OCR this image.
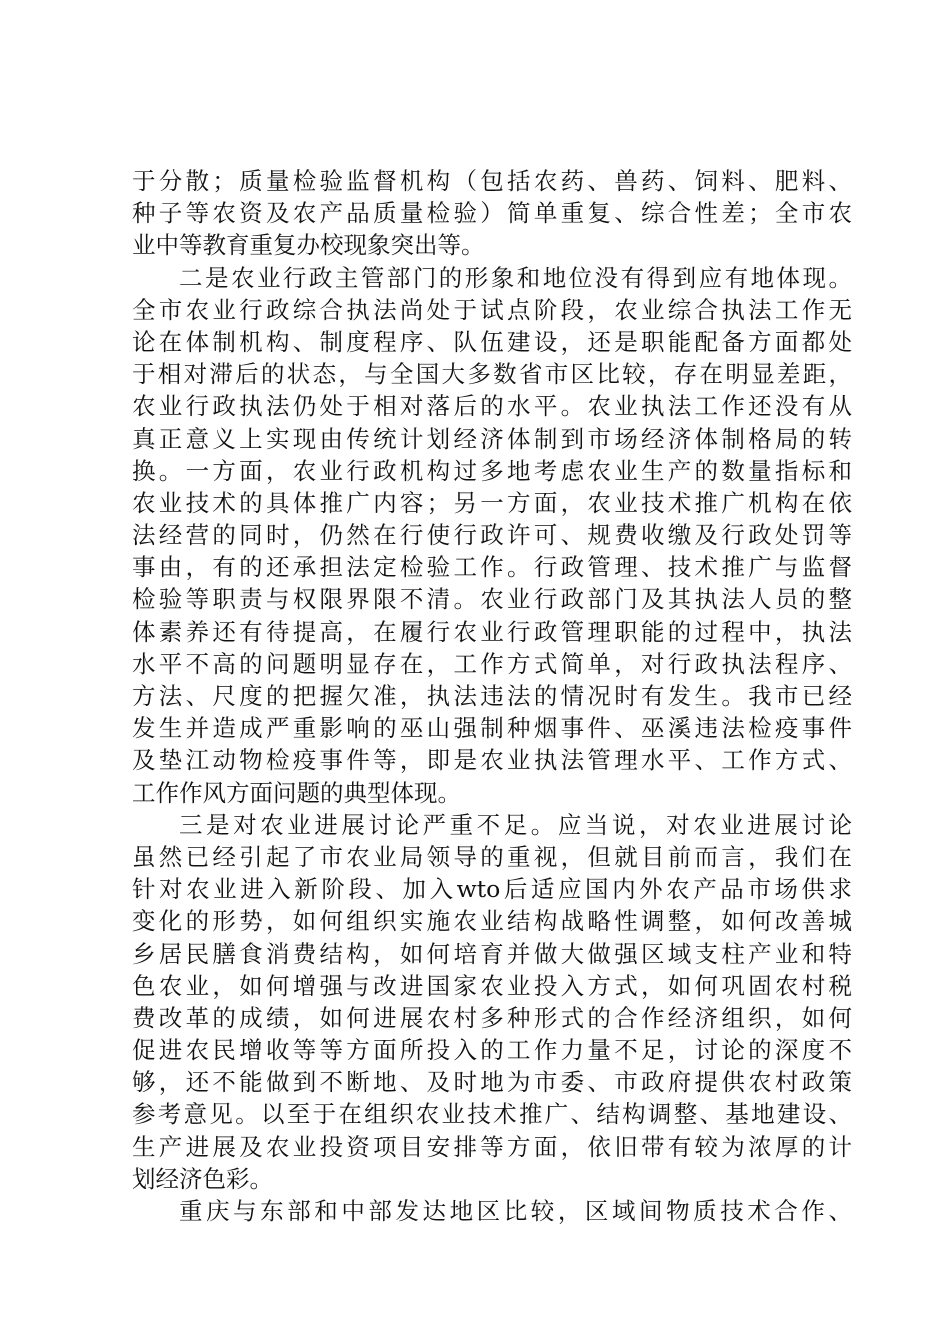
于分散；质量检验监督机构（包括农药、兽药、饲料、肥料、
种子等农资及农产品质量检验）简单重复、综合性差；全市农
业中等教育重复办校现象突出等。
二是农业行政主管部门的形象和地位没有得到应有地体现。
全市农业行政综合执法尚处于试点阶段，农业综合执法工作无
论在体制机构、制度程序、队伍建设，还是职能配备方面都处
于相对滞后的状态，与全国大多数省市区比较，存在明显差距，
农业行政执法仍处于相对落后的水平。农业执法工作还没有从
真正意义上实现由传统计划经济体制到市场经济体制格局的转
换。一方面，农业行政机构过多地考虑农业生产的数量指标和
农业技术的具体推广内容；另一方面，农业技术推广机构在依
法经营的同时，仍然在行使行政许可、规费收缴及行政处罚等
事由，有的还承担法定检验工作。行政管理、技术推广与监督
检验等职责与权限界限不清。农业行政部门及其执法人员的整
体素养还有待提高，在履行农业行政管理职能的过程中，执法
水平不高的问题明显存在，工作方式简单，对行政执法程序、
方法、尺度的把握欠准，执法违法的情况时有发生。我市已经
发生并造成严重影响的巫山强制种烟事件、巫溪违法检疫事件
及垫江动物检疫事件等，即是农业执法管理水平、工作方式、
工作作风方面问题的典型体现。
三是对农业进展讨论严重不足。应当说，对农业进展讨论
虽然已经引起了市农业局领导的重视，但就目前而言，我们在
针对农业进入新阶段、加入wto后适应国内外农产品市场供求
变化的形势，如何组织实施农业结构战略性调整，如何改善城
乡居民膳食消费结构，如何培育并做大做强区域支柱产业和特
色农业，如何增强与改进国家农业投入方式，如何巩固农村税
费改革的成绩，如何进展农村多种形式的合作经济组织，如何
促进农民增收等等方面所投入的工作力量不足，讨论的深度不
够，还不能做到不断地、及时地为市委、市政府提供农村政策
参考意见。以至于在组织农业技术推广、结构调整、基地建设、
生产进展及农业投资项目安排等方面，依旧带有较为浓厚的计
划经济色彩。
重庆与东部和中部发达地区比较，区域间物质技术合作、
